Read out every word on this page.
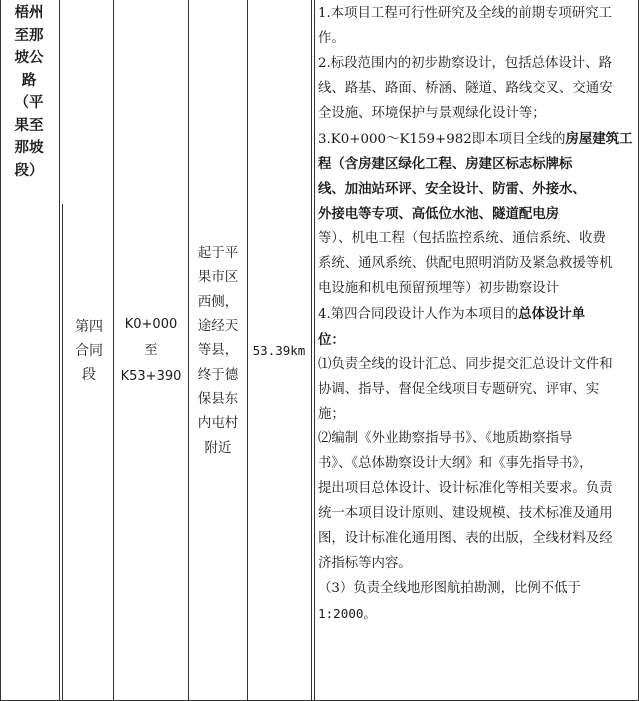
梧州
至那
坡公
路
（平
果至
那坡
段）
第四
合同
段
K0+000
至
K53+390
起于平
果市区
西侧，
途经天
等县，
终于德
保县东
内屯村
附近
53.39km
1.本项目工程可行性研究及全线的前期专项研究工
作。
2.标段范围内的初步勘察设计，包括总体设计、路
线、路基、路面、桥涵、隧道、路线交叉、交通安
全设施、环境保护与景观绿化设计等；
3.K0+000～K159+982即本项目全线的房屋建筑工
程（含房建区绿化工程、房建区标志标牌标
线、加油站环评、安全设计、防雷、外接水、
外接电等专项、高低位水池、隧道配电房
等）、机电工程（包括监控系统、通信系统、收费
系统、通风系统、供配电照明消防及紧急救援等机
电设施和机电预留预埋等）初步勘察设计
4.第四合同段设计人作为本项目的总体设计单
位：
⑴负责全线的设计汇总、同步提交汇总设计文件和
协调、指导、督促全线项目专题研究、评审、实
施；
⑵编制《外业勘察指导书》、《地质勘察指导
书》、《总体勘察设计大纲》和《事先指导书》，
提出项目总体设计、设计标准化等相关要求。负责
统一本项目设计原则、建设规模、技术标准及通用
图，设计标准化通用图、表的出版，全线材料及经
济指标等内容。
（3）负责全线地形图航拍勘测，比例不低于
1:2000。
